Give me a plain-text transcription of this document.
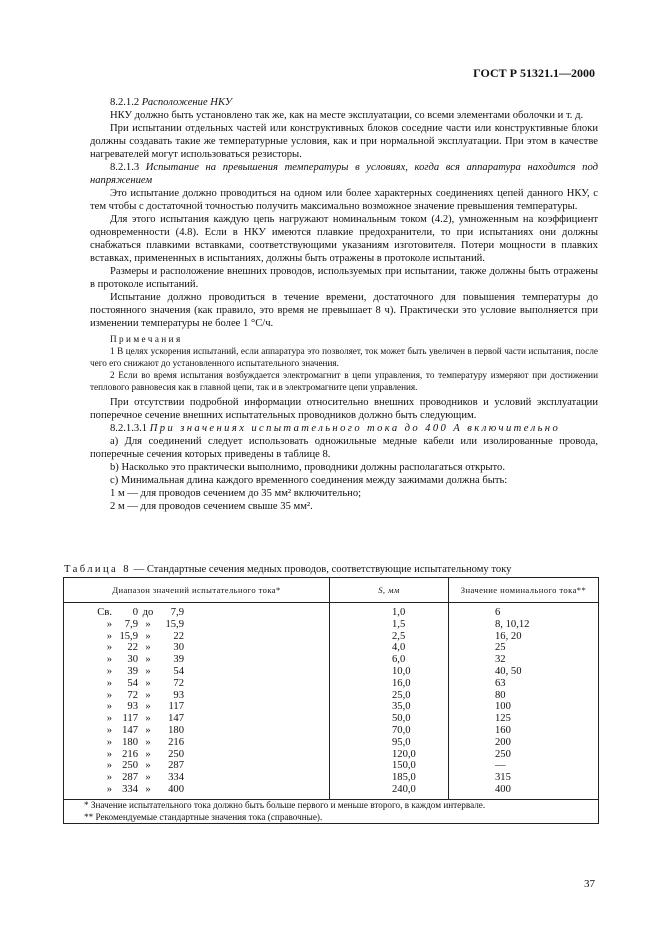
ГОСТ Р 51321.1—2000

8.2.1.2 Расположение НКУ

НКУ должно быть установлено так же, как на месте эксплуатации, со всеми элементами оболочки и т. д.

При испытании отдельных частей или конструктивных блоков соседние части или конструктивные блоки должны создавать такие же температурные условия, как и при нормальной эксплуатации. При этом в качестве нагревателей могут использоваться резисторы.

8.2.1.3 Испытание на превышения температуры в условиях, когда вся аппаратура находится под напряжением

Это испытание должно проводиться на одном или более характерных соединениях цепей данного НКУ, с тем чтобы с достаточной точностью получить максимально возможное значение превышения температуры.

Для этого испытания каждую цепь нагружают номинальным током (4.2), умноженным на коэффициент одновременности (4.8). Если в НКУ имеются плавкие предохранители, то при испытаниях они должны снабжаться плавкими вставками, соответствующими указаниям изготовителя. Потери мощности в плавких вставках, примененных в испытаниях, должны быть отражены в протоколе испытаний.

Размеры и расположение внешних проводов, используемых при испытании, также должны быть отражены в протоколе испытаний.

Испытание должно проводиться в течение времени, достаточного для повышения температуры до постоянного значения (как правило, это время не превышает 8 ч). Практически это условие выполняется при изменении температуры не более 1 °С/ч.

Примечания

1 В целях ускорения испытаний, если аппаратура это позволяет, ток может быть увеличен в первой части испытания, после чего его снижают до установленного испытательного значения.

2 Если во время испытания возбуждается электромагнит в цепи управления, то температуру измеряют при достижении теплового равновесия как в главной цепи, так и в электромагните цепи управления.

При отсутствии подробной информации относительно внешних проводников и условий эксплуатации поперечное сечение внешних испытательных проводников должно быть следующим.

8.2.1.3.1 При значениях испытательного тока до 400 А включительно

а) Для соединений следует использовать одножильные медные кабели или изолированные провода, поперечные сечения которых приведены в таблице 8.

b) Насколько это практически выполнимо, проводники должны располагаться открыто.

с) Минимальная длина каждого временного соединения между зажимами должна быть:

1 м — для проводов сечением до 35 мм² включительно;

2 м — для проводов сечением свыше 35 мм².

Таблица 8 — Стандартные сечения медных проводов, соответствующие испытательному току
Диапазон значений испытательного тока*	S, мм	Значение номинального тока**
Св. 0 до 7,9	1,0	6
» 7,9 » 15,9	1,5	8, 10,12
» 15,9 » 22	2,5	16, 20
» 22 » 30	4,0	25
» 30 » 39	6,0	32
» 39 » 54	10,0	40, 50
» 54 » 72	16,0	63
» 72 » 93	25,0	80
» 93 » 117	35,0	100
» 117 » 147	50,0	125
» 147 » 180	70,0	160
» 180 » 216	95,0	200
» 216 » 250	120,0	250
» 250 » 287	150,0	—
» 287 » 334	185,0	315
» 334 » 400	240,0	400

* Значение испытательного тока должно быть больше первого и меньше второго, в каждом интервале.

** Рекомендуемые стандартные значения тока (справочные).		

37
